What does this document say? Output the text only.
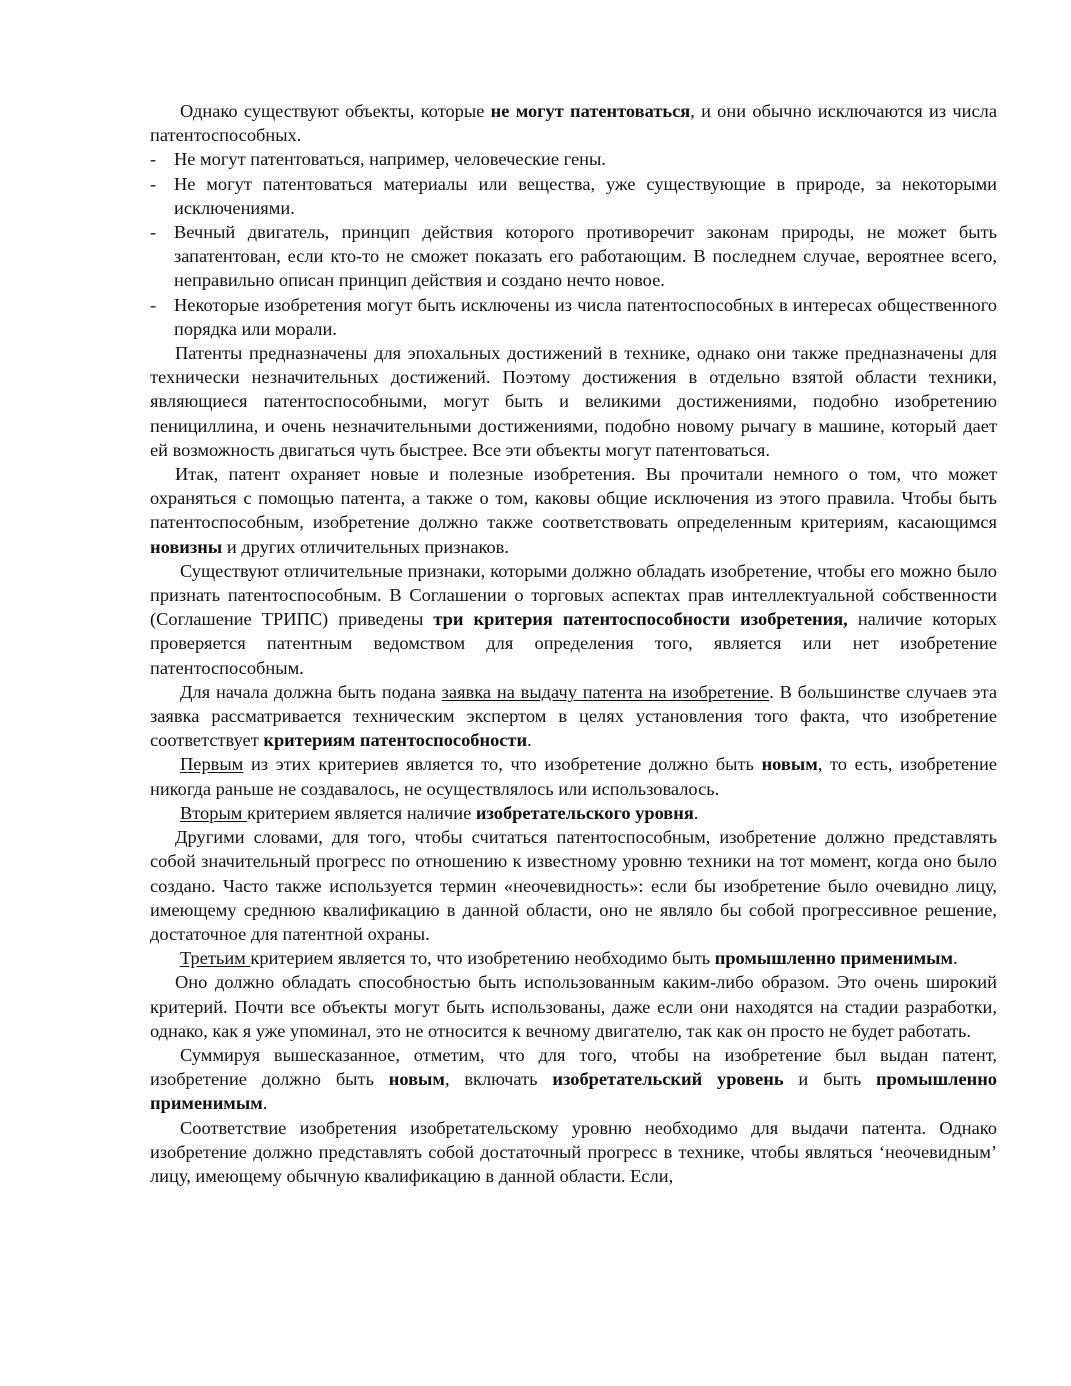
Однако существуют объекты, которые не могут патентоваться, и они обычно исключаются из числа патентоспособных.

- Не могут патентоваться, например, человеческие гены.

- Не могут патентоваться материалы или вещества, уже существующие в природе, за некоторыми исключениями.

- Вечный двигатель, принцип действия которого противоречит законам природы, не может быть запатентован, если кто-то не сможет показать его работающим. В последнем случае, вероятнее всего, неправильно описан принцип действия и создано нечто новое.

- Некоторые изобретения могут быть исключены из числа патентоспособных в интересах общественного порядка или морали.

Патенты предназначены для эпохальных достижений в технике, однако они также предназначены для технически незначительных достижений. Поэтому достижения в отдельно взятой области техники, являющиеся патентоспособными, могут быть и великими достижениями, подобно изобретению пенициллина, и очень незначительными достижениями, подобно новому рычагу в машине, который дает ей возможность двигаться чуть быстрее. Все эти объекты могут патентоваться.

Итак, патент охраняет новые и полезные изобретения. Вы прочитали немного о том, что может охраняться с помощью патента, а также о том, каковы общие исключения из этого правила. Чтобы быть патентоспособным, изобретение должно также соответствовать определенным критериям, касающимся новизны и других отличительных признаков.

Существуют отличительные признаки, которыми должно обладать изобретение, чтобы его можно было признать патентоспособным. В Соглашении о торговых аспектах прав интеллектуальной собственности (Соглашение ТРИПС) приведены три критерия патентоспособности изобретения, наличие которых проверяется патентным ведомством для определения того, является или нет изобретение патентоспособным.

Для начала должна быть подана заявка на выдачу патента на изобретение. В большинстве случаев эта заявка рассматривается техническим экспертом в целях установления того факта, что изобретение соответствует критериям патентоспособности.

Первым из этих критериев является то, что изобретение должно быть новым, то есть, изобретение никогда раньше не создавалось, не осуществлялось или использовалось.

Вторым критерием является наличие изобретательского уровня.

Другими словами, для того, чтобы считаться патентоспособным, изобретение должно представлять собой значительный прогресс по отношению к известному уровню техники на тот момент, когда оно было создано. Часто также используется термин «неочевидность»: если бы изобретение было очевидно лицу, имеющему среднюю квалификацию в данной области, оно не являло бы собой прогрессивное решение, достаточное для патентной охраны.

Третьим критерием является то, что изобретению необходимо быть промышленно применимым.

Оно должно обладать способностью быть использованным каким-либо образом. Это очень широкий критерий. Почти все объекты могут быть использованы, даже если они находятся на стадии разработки, однако, как я уже упоминал, это не относится к вечному двигателю, так как он просто не будет работать.

Суммируя вышесказанное, отметим, что для того, чтобы на изобретение был выдан патент, изобретение должно быть новым, включать изобретательский уровень и быть промышленно применимым.

Соответствие изобретения изобретательскому уровню необходимо для выдачи патента. Однако изобретение должно представлять собой достаточный прогресс в технике, чтобы являться ‘неочевидным’ лицу, имеющему обычную квалификацию в данной области. Если,
